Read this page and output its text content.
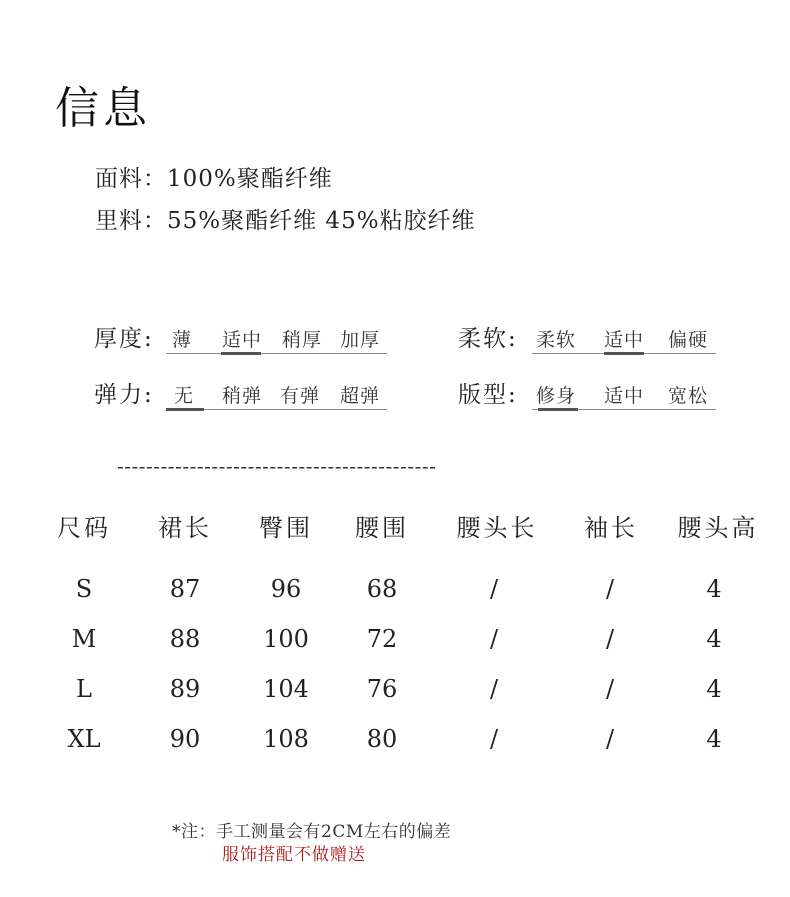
信息
面料：100%聚酯纤维
里料：55%聚酯纤维 45%粘胶纤维
厚度: 薄 适中 稍厚 加厚	柔软: 柔软 适中 偏硬
弹力: 无 稍弹 有弹 超弹	版型: 修身 适中 宽松
--------------------------------------------
尺码 裙长 臀围 腰围 腰头长 袖长 腰头高
S	87	96	68	/	/	4
M	88	100 72	/	/	4
L	89	104 76	/	/	4
XL	90	108 80	/	/	4
*注：手工测量会有2CM左右的偏差
服饰搭配不做赠送
